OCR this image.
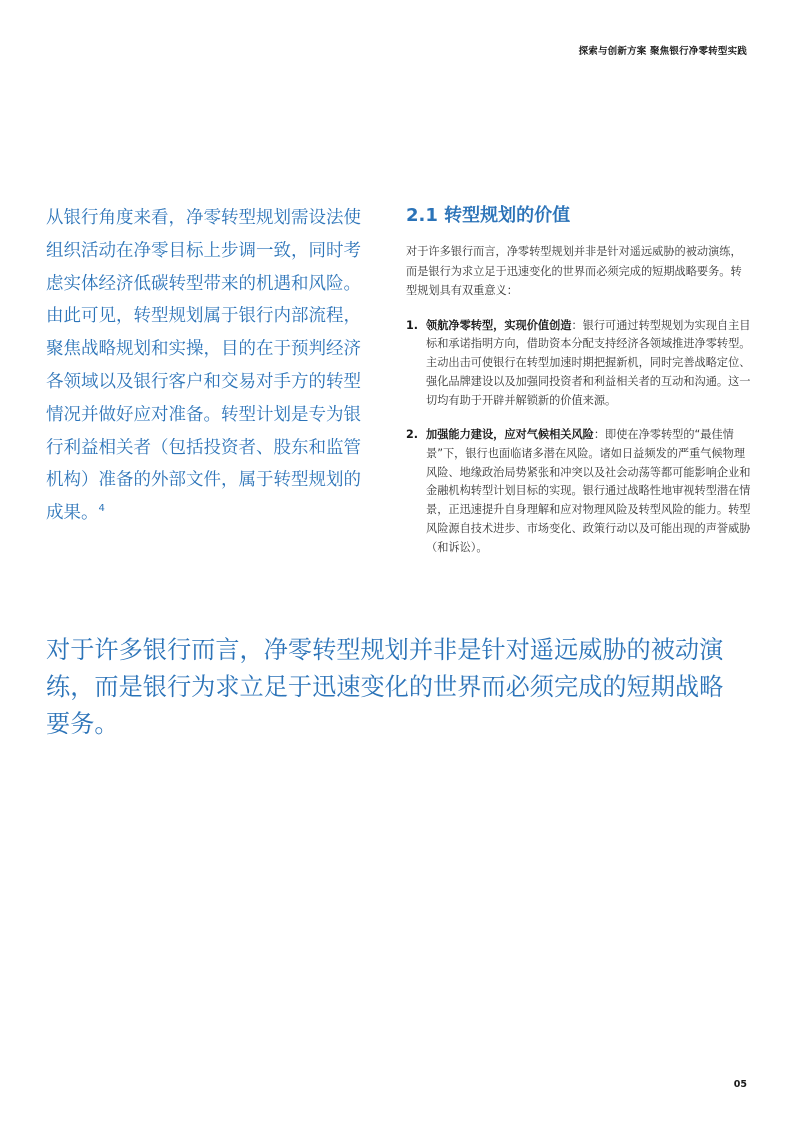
探索与创新方案 聚焦银行净零转型实践
从银行角度来看，净零转型规划需设法使组织活动在净零目标上步调一致，同时考虑实体经济低碳转型带来的机遇和风险。由此可见，转型规划属于银行内部流程，聚焦战略规划和实操，目的在于预判经济各领域以及银行客户和交易对手方的转型情况并做好应对准备。转型计划是专为银行利益相关者（包括投资者、股东和监管机构）准备的外部文件，属于转型规划的成果。$^4$
2.1 转型规划的价值

对于许多银行而言，净零转型规划并非是针对遥远威胁的被动演练，而是银行为求立足于迅速变化的世界而必须完成的短期战略要务。转型规划具有双重意义：

1. 领航净零转型，实现价值创造：银行可通过转型规划为实现自主目标和承诺指明方向，借助资本分配支持经济各领域推进净零转型。主动出击可使银行在转型加速时期把握新机，同时完善战略定位、强化品牌建设以及加强同投资者和利益相关者的互动和沟通。这一切均有助于开辟并解锁新的价值来源。
2. 加强能力建设，应对气候相关风险：即使在净零转型的“最佳情景”下，银行也面临诸多潜在风险。诸如日益频发的严重气候物理风险、地缘政治局势紧张和冲突以及社会动荡等都可能影响企业和金融机构转型计划目标的实现。银行通过战略性地审视转型潜在情景，正迅速提升自身理解和应对物理风险及转型风险的能力。转型风险源自技术进步、市场变化、政策行动以及可能出现的声誉威胁（和诉讼）。
对于许多银行而言，净零转型规划并非是针对遥远威胁的被动演练，而是银行为求立足于迅速变化的世界而必须完成的短期战略要务。
05
